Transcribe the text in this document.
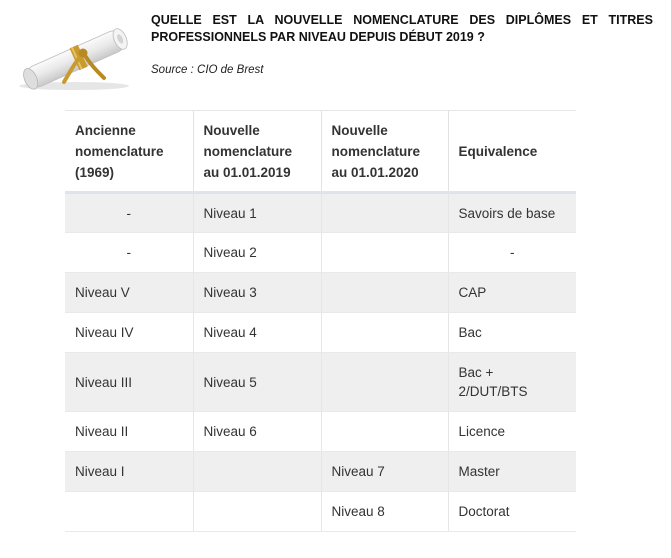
QUELLE EST LA NOUVELLE NOMENCLATURE DES DIPLÔMES ET TITRES PROFESSIONNELS PAR NIVEAU DEPUIS DÉBUT 2019 ?
Source : CIO de Brest
Ancienne nomenclature (1969)	Nouvelle nomenclature au 01.01.2019	Nouvelle nomenclature au 01.01.2020	Equivalence
-	Niveau 1		Savoirs de base
-	Niveau 2		-
Niveau V	Niveau 3		CAP
Niveau IV	Niveau 4		Bac
Niveau III	Niveau 5		Bac + 2/DUT/BTS
Niveau II	Niveau 6		Licence
Niveau I		Niveau 7	Master
		Niveau 8	Doctorat
